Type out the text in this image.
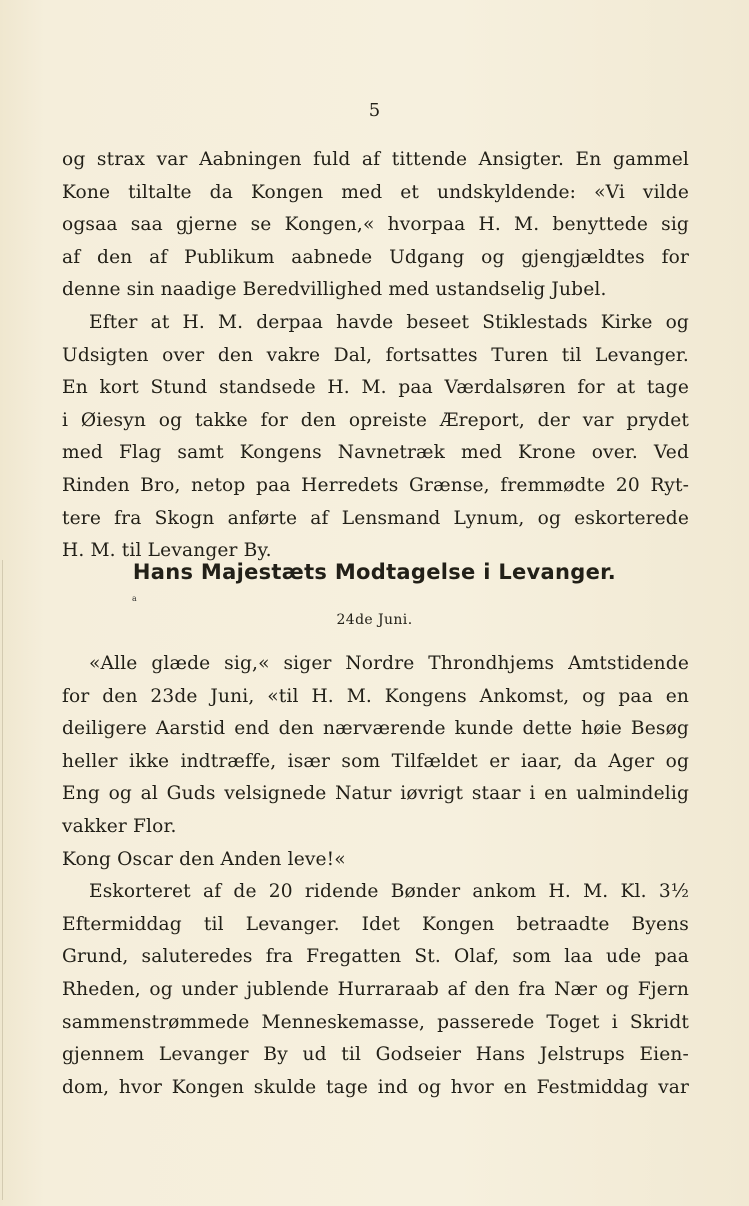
5
og strax var Aabningen fuld af tittende Ansigter. En gammel
Kone tiltalte da Kongen med et undskyldende: «Vi vilde
ogsaa saa gjerne se Kongen,« hvorpaa H. M. benyttede sig
af den af Publikum aabnede Udgang og gjengjældtes for
denne sin naadige Beredvillighed med ustandselig Jubel.
Efter at H. M. derpaa havde beseet Stiklestads Kirke og
Udsigten over den vakre Dal, fortsattes Turen til Levanger.
En kort Stund standsede H. M. paa Værdalsøren for at tage
i Øiesyn og takke for den opreiste Æreport, der var prydet
med Flag samt Kongens Navnetræk med Krone over. Ved
Rinden Bro, netop paa Herredets Grænse, fremmødte 20 Ryt-
tere fra Skogn anførte af Lensmand Lynum, og eskorterede
H. M. til Levanger By.
Hans Majestæts Modtagelse i Levanger.
a
24de Juni.
«Alle glæde sig,« siger Nordre Throndhjems Amtstidende
for den 23de Juni, «til H. M. Kongens Ankomst, og paa en
deiligere Aarstid end den nærværende kunde dette høie Besøg
heller ikke indtræffe, især som Tilfældet er iaar, da Ager og
Eng og al Guds velsignede Natur iøvrigt staar i en ualmindelig
vakker Flor.
Kong Oscar den Anden leve!«
Eskorteret af de 20 ridende Bønder ankom H. M. Kl. 3½
Eftermiddag til Levanger. Idet Kongen betraadte Byens
Grund, saluteredes fra Fregatten St. Olaf, som laa ude paa
Rheden, og under jublende Hurraraab af den fra Nær og Fjern
sammenstrømmede Menneskemasse, passerede Toget i Skridt
gjennem Levanger By ud til Godseier Hans Jelstrups Eien-
dom, hvor Kongen skulde tage ind og hvor en Festmiddag var
